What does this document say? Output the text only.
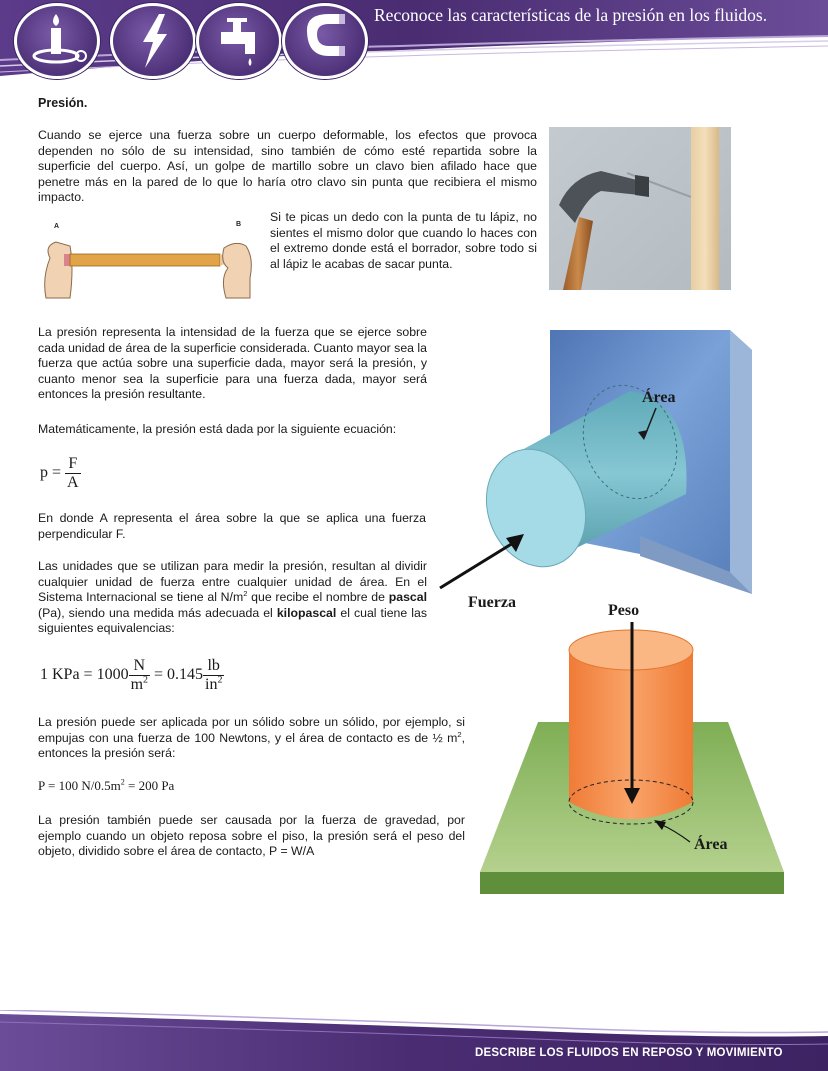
Reconoce las características de la presión en los fluidos.
Presión.

Cuando se ejerce una fuerza sobre un cuerpo deformable, los efectos que provoca dependen no sólo de su intensidad, sino también de cómo esté repartida sobre la superficie del cuerpo. Así, un golpe de martillo sobre un clavo bien afilado hace que penetre más en la pared de lo que lo haría otro clavo sin punta que recibiera el mismo impacto.

A	B

Si te picas un dedo con la punta de tu lápiz, no sientes el mismo dolor que cuando lo haces con el extremo donde está el borrador, sobre todo si al lápiz le acabas de sacar punta.

La presión representa la intensidad de la fuerza que se ejerce sobre cada unidad de área de la superficie considerada. Cuanto mayor sea la fuerza que actúa sobre una superficie dada, mayor será la presión, y cuanto menor sea la superficie para una fuerza dada, mayor será entonces la presión resultante.

Matemáticamente, la presión está dada por la siguiente ecuación:

$p = \frac{F}{A}$

En donde A representa el área sobre la que se aplica una fuerza perpendicular F.

Las unidades que se utilizan para medir la presión, resultan al dividir cualquier unidad de fuerza entre cualquier unidad de área. En el Sistema Internacional se tiene al $N/m^2$ que recibe el nombre de pascal (Pa), siendo una medida más adecuada el kilopascal el cual tiene las siguientes equivalencias:

1 KPa = $1000 \frac{N}{m^2} = 0.145 \frac{lb}{in^2}$

La presión puede ser aplicada por un sólido sobre un sólido, por ejemplo, si empujas con una fuerza de 100 Newtons, y el área de contacto es de ½ $m^2$, entonces la presión será:

P = 100 $N/0.5m^2 = 200$ Pa

La presión también puede ser causada por la fuerza de gravedad, por ejemplo cuando un objeto reposa sobre el piso, la presión será el peso del objeto, dividido sobre el área de contacto, P = W/A

Área
Fuerza	Peso
Área
DESCRIBE LOS FLUIDOS EN REPOSO Y MOVIMIENTO
